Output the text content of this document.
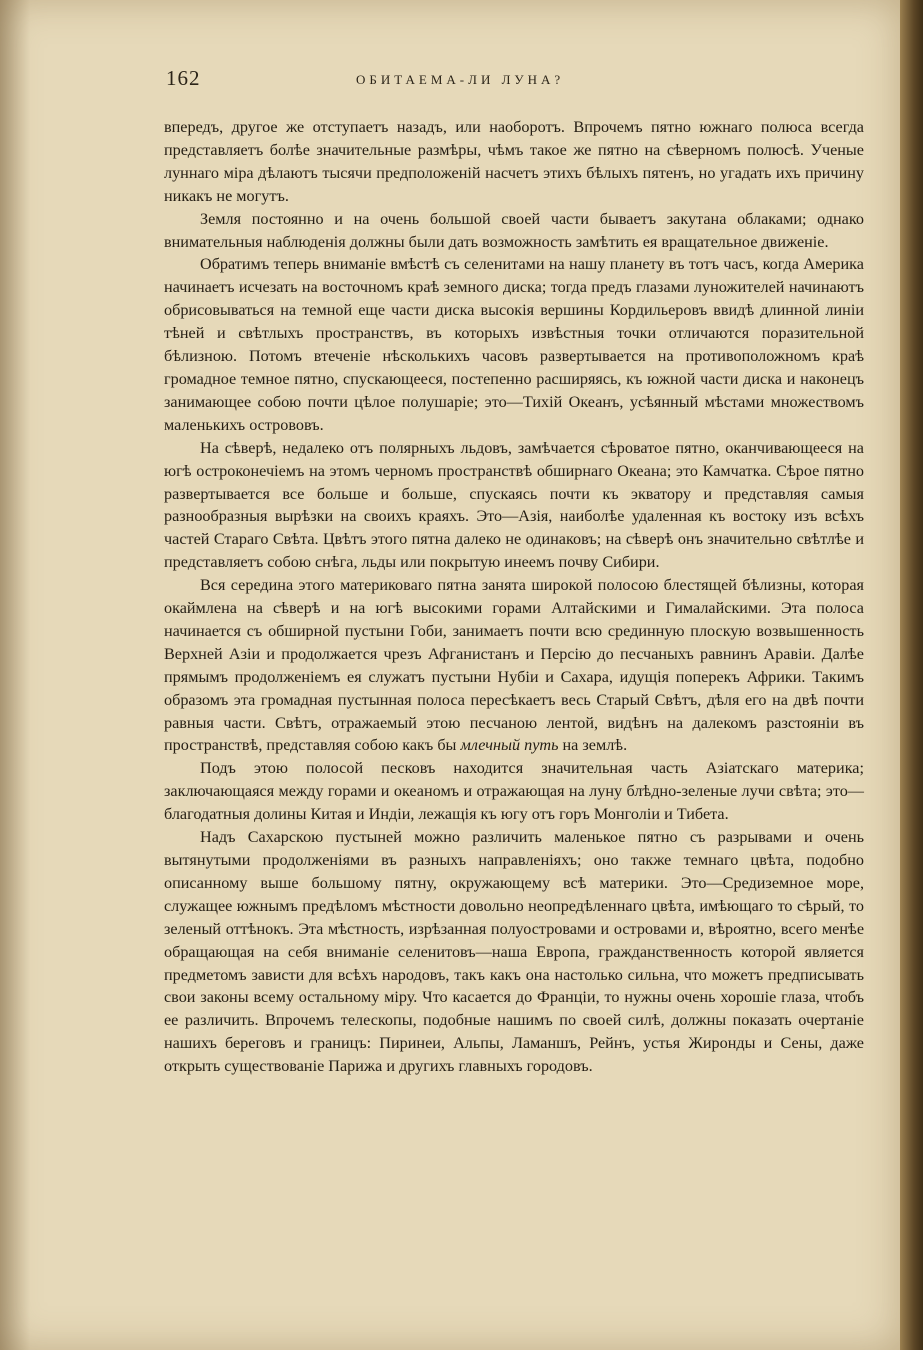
162	ОБИТАЕМА-ЛИ ЛУНА?

впередъ, другое же отступаетъ назадъ, или наоборотъ. Впрочемъ пятно южнаго полюса всегда представляетъ болѣе значительные размѣры, чѣмъ такое же пятно на сѣверномъ полюсѣ. Ученые луннаго міра дѣлаютъ тысячи предположеній насчетъ этихъ бѣлыхъ пятенъ, но угадать ихъ причину никакъ не могутъ.

Земля постоянно и на очень большой своей части бываетъ закутана облаками; однако внимательныя наблюденія должны были дать возможность замѣтить ея вращательное движеніе.

Обратимъ теперь вниманіе вмѣстѣ съ селенитами на нашу планету въ тотъ часъ, когда Америка начинаетъ исчезать на восточномъ краѣ земного диска; тогда предъ глазами луножителей начинаютъ обрисовываться на темной еще части диска высокія вершины Кордильеровъ ввидѣ длинной линіи тѣней и свѣтлыхъ пространствъ, въ которыхъ извѣстныя точки отличаются поразительной бѣлизною. Потомъ втеченіе нѣсколькихъ часовъ развертывается на противоположномъ краѣ громадное темное пятно, спускающееся, постепенно расширяясь, къ южной части диска и наконецъ занимающее собою почти цѣлое полушаріе; это—Тихій Океанъ, усѣянный мѣстами множествомъ маленькихъ острововъ.

На сѣверѣ, недалеко отъ полярныхъ льдовъ, замѣчается сѣроватое пятно, оканчивающееся на югѣ остроконечіемъ на этомъ черномъ пространствѣ обширнаго Океана; это Камчатка. Сѣрое пятно развертывается все больше и больше, спускаясь почти къ экватору и представляя самыя разнообразныя вырѣзки на своихъ краяхъ. Это—Азія, наиболѣе удаленная къ востоку изъ всѣхъ частей Стараго Свѣта. Цвѣтъ этого пятна далеко не одинаковъ; на сѣверѣ онъ значительно свѣтлѣе и представляетъ собою снѣга, льды или покрытую инеемъ почву Сибири.

Вся середина этого материковаго пятна занята широкой полосою блестящей бѣлизны, которая окаймлена на сѣверѣ и на югѣ высокими горами Алтайскими и Гималайскими. Эта полоса начинается съ обширной пустыни Гоби, занимаетъ почти всю срединную плоскую возвышенность Верхней Азіи и продолжается чрезъ Афганистанъ и Персію до песчаныхъ равнинъ Аравіи. Далѣе прямымъ продолженіемъ ея служатъ пустыни Нубіи и Сахара, идущія поперекъ Африки. Такимъ образомъ эта громадная пустынная полоса пересѣкаетъ весь Старый Свѣтъ, дѣля его на двѣ почти равныя части. Свѣтъ, отражаемый этою песчаною лентой, видѣнъ на далекомъ разстояніи въ пространствѣ, представляя собою какъ бы млечный путь на землѣ.

Подъ этою полосой песковъ находится значительная часть Азіатскаго материка; заключающаяся между горами и океаномъ и отражающая на луну блѣдно-зеленые лучи свѣта; это—благодатныя долины Китая и Индіи, лежащія къ югу отъ горъ Монголіи и Тибета.

Надъ Сахарскою пустыней можно различить маленькое пятно съ разрывами и очень вытянутыми продолженіями въ разныхъ направленіяхъ; оно также темнаго цвѣта, подобно описанному выше большому пятну, окружающему всѣ материки. Это—Средиземное море, служащее южнымъ предѣломъ мѣстности довольно неопредѣленнаго цвѣта, имѣющаго то сѣрый, то зеленый оттѣнокъ. Эта мѣстность, изрѣзанная полуостровами и островами и, вѣроятно, всего менѣе обращающая на себя вниманіе селенитовъ—наша Европа, гражданственность которой является предметомъ зависти для всѣхъ народовъ, такъ какъ она настолько сильна, что можетъ предписывать свои законы всему остальному міру. Что касается до Франціи, то нужны очень хорошіе глаза, чтобъ ее различить. Впрочемъ телескопы, подобные нашимъ по своей силѣ, должны показать очертаніе нашихъ береговъ и границъ: Пиринеи, Альпы, Ламаншъ, Рейнъ, устья Жиронды и Сены, даже открыть существованіе Парижа и другихъ главныхъ городовъ.
